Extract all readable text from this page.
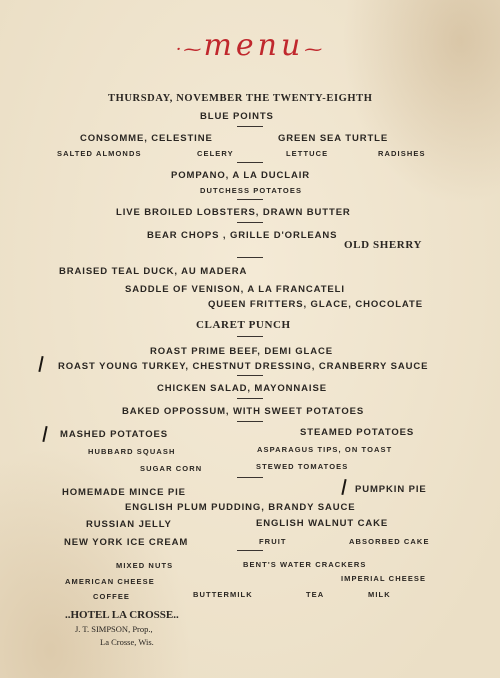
·⁓menu⁓
THURSDAY, NOVEMBER THE TWENTY-EIGHTH
BLUE POINTS
CONSOMME, CELESTINE	GREEN SEA TURTLE
SALTED ALMONDS	CELERY	LETTUCE	RADISHES
POMPANO, A LA DUCLAIR
DUTCHESS POTATOES
LIVE BROILED LOBSTERS, DRAWN BUTTER
BEAR CHOPS , GRILLE D'ORLEANS
OLD SHERRY
BRAISED TEAL DUCK, AU MADERA
SADDLE OF VENISON, A LA FRANCATELI
QUEEN FRITTERS, GLACE, CHOCOLATE
CLARET PUNCH
ROAST PRIME BEEF, DEMI GLACE
ROAST YOUNG TURKEY, CHESTNUT DRESSING, CRANBERRY SAUCE
CHICKEN SALAD, MAYONNAISE
BAKED OPPOSSUM, WITH SWEET POTATOES
MASHED POTATOES	STEAMED POTATOES
HUBBARD SQUASH	ASPARAGUS TIPS, ON TOAST
SUGAR CORN	STEWED TOMATOES
HOMEMADE MINCE PIE	PUMPKIN PIE
ENGLISH PLUM PUDDING, BRANDY SAUCE
RUSSIAN JELLY	ENGLISH WALNUT CAKE
NEW YORK ICE CREAM	FRUIT	ABSORBED CAKE
MIXED NUTS	BENT'S WATER CRACKERS
AMERICAN CHEESE	IMPERIAL CHEESE
COFFEE	BUTTERMILK	TEA	MILK
..HOTEL LA CROSSE..
J. T. SIMPSON, Prop.,
La Crosse, Wis.
